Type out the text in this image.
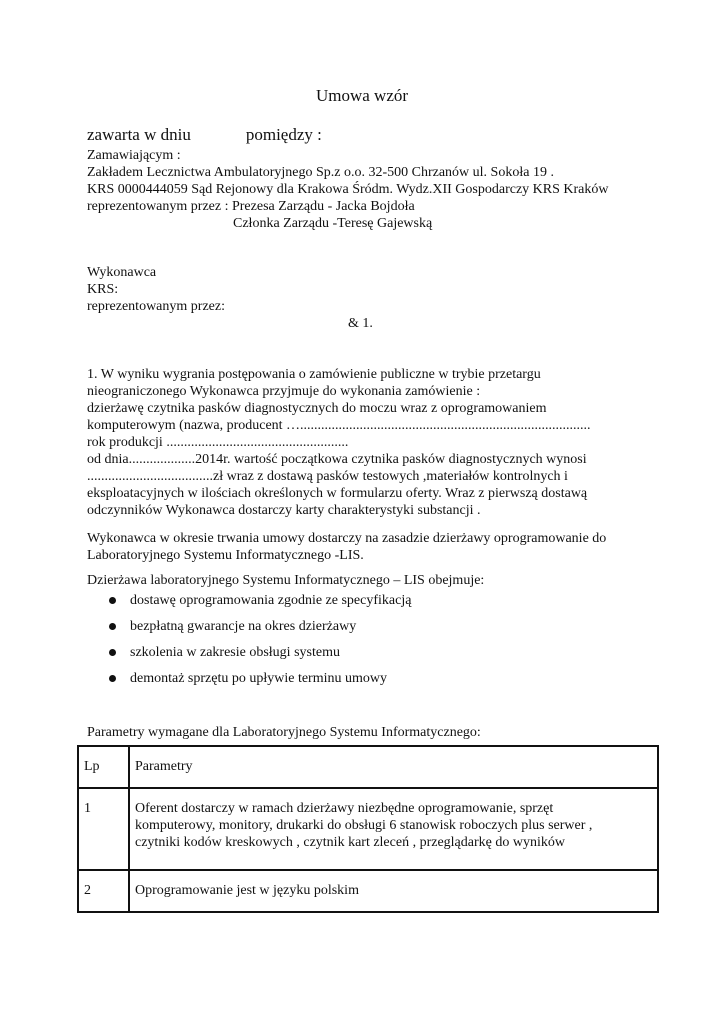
Umowa wzór
zawarta w dniu	pomiędzy :
Zamawiającym :
Zakładem Lecznictwa Ambulatoryjnego Sp.z o.o. 32-500 Chrzanów ul. Sokoła 19 .
KRS 0000444059 Sąd Rejonowy dla Krakowa Śródm. Wydz.XII Gospodarczy KRS Kraków
reprezentowanym przez : Prezesa Zarządu - Jacka Bojdoła
Członka Zarządu -Teresę Gajewską
Wykonawca
KRS:
reprezentowanym przez:
& 1.
1. W wyniku wygrania postępowania o zamówienie publiczne w trybie przetargu
nieograniczonego Wykonawca przyjmuje do wykonania zamówienie :
dzierżawę czytnika pasków diagnostycznych do moczu wraz z oprogramowaniem
komputerowym (nazwa, producent …...................................................................................
rok produkcji ....................................................
od dnia...................2014r. wartość początkowa czytnika pasków diagnostycznych wynosi
....................................zł wraz z dostawą pasków testowych ,materiałów kontrolnych i
eksploatacyjnych w ilościach określonych w formularzu oferty. Wraz z pierwszą dostawą
odczynników Wykonawca dostarczy karty charakterystyki substancji .
Wykonawca w okresie trwania umowy dostarczy na zasadzie dzierżawy oprogramowanie do
Laboratoryjnego Systemu Informatycznego -LIS.
Dzierżawa laboratoryjnego Systemu Informatycznego – LIS obejmuje:
dostawę oprogramowania zgodnie ze specyfikacją
bezpłatną gwarancje na okres dzierżawy
szkolenia w zakresie obsługi systemu
demontaż sprzętu po upływie terminu umowy
Parametry wymagane dla Laboratoryjnego Systemu Informatycznego:
Lp	Parametry
1	Oferent dostarczy w ramach dzierżawy niezbędne oprogramowanie, sprzęt
komputerowy, monitory, drukarki do obsługi 6 stanowisk roboczych plus serwer ,
czytniki kodów kreskowych , czytnik kart zleceń , przeglądarkę do wyników

2	Oprogramowanie jest w języku polskim
